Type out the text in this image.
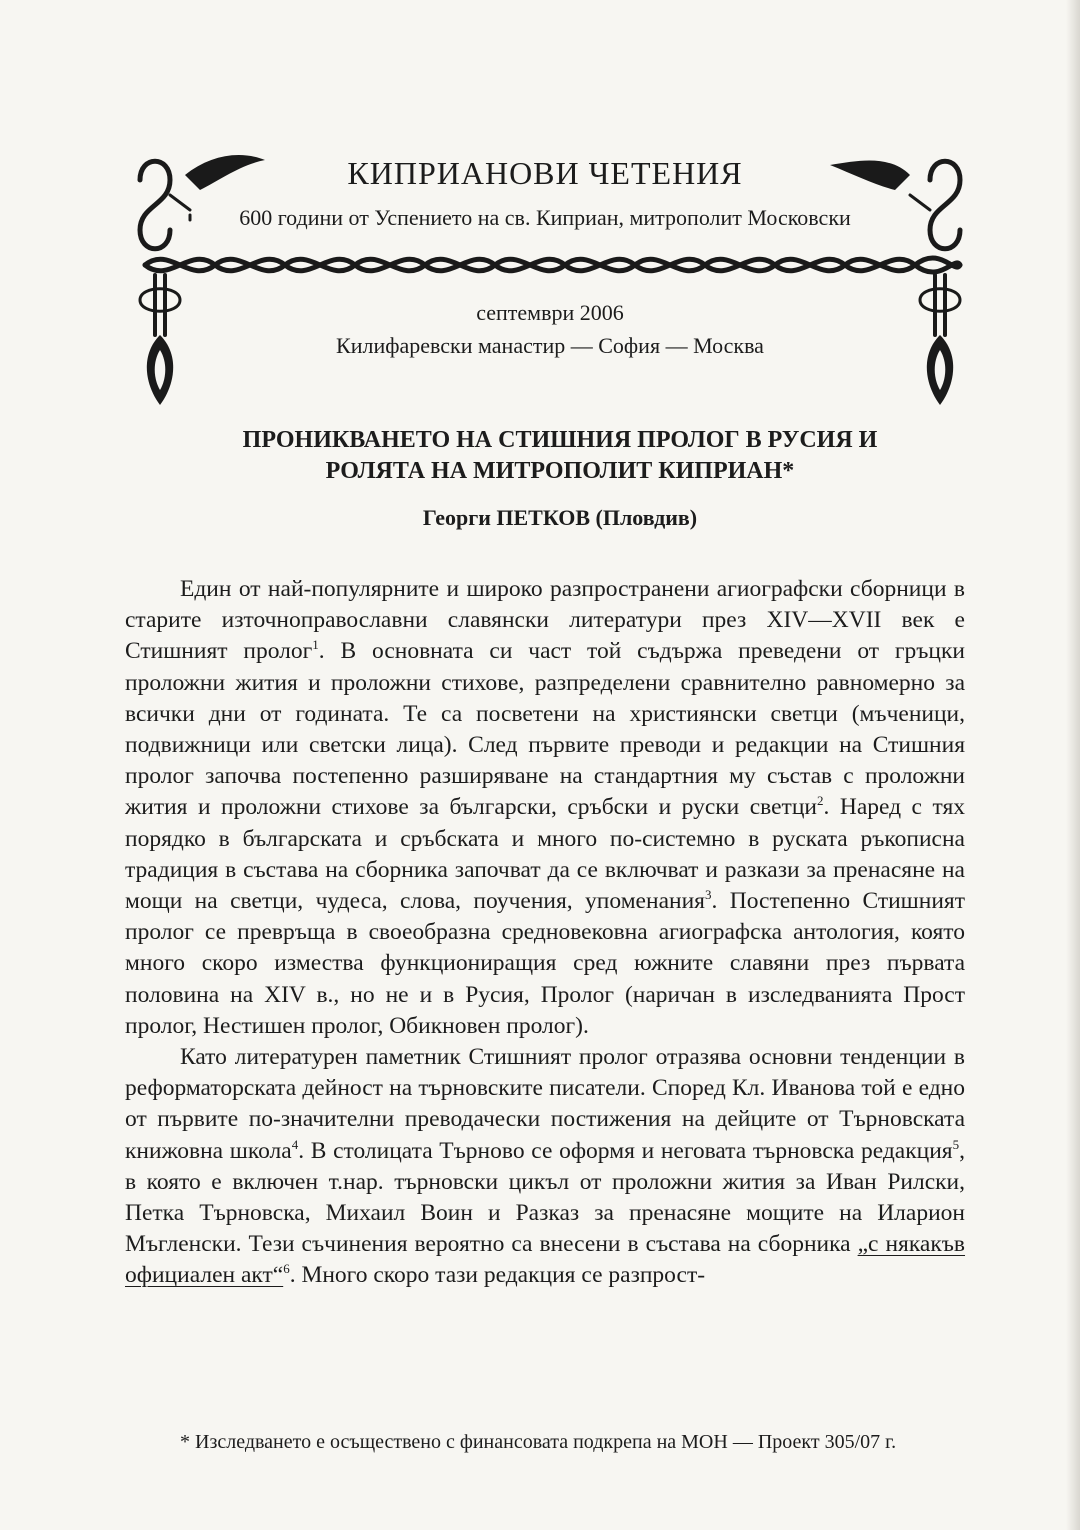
КИПРИАНОВИ ЧЕТЕНИЯ
600 години от Успението на св. Киприан, митрополит Московски
септември 2006
Килифаревски манастир — София — Москва
ПРОНИКВАНЕТО НА СТИШНИЯ ПРОЛОГ В РУСИЯ И
РОЛЯТА НА МИТРОПОЛИТ КИПРИАН*
Георги ПЕТКОВ (Пловдив)

Един от най-популярните и широко разпространени агиографски сборници в старите източноправославни славянски литератури през XIV—XVII век е Стишният пролог$^1$. В основната си част той съдържа преведени от гръцки проложни жития и проложни стихове, разпределени сравнително равномерно за всички дни от годината. Те са посветени на християнски светци (мъченици, подвижници или светски лица). След първите преводи и редакции на Стишния пролог започва постепенно разширяване на стандартния му състав с проложни жития и проложни стихове за български, сръбски и руски светци$^2$. Наред с тях порядко в българската и сръбската и много по-системно в руската ръкописна традиция в състава на сборника започват да се включват и разкази за пренасяне на мощи на светци, чудеса, слова, поучения, упоменания$^3$. Постепенно Стишният пролог се превръща в своеобразна средновековна агиографска антология, която много скоро измества функциониращия сред южните славяни през първата половина на XIV в., но не и в Русия, Пролог (наричан в изследванията Прост пролог, Нестишен пролог, Обикновен пролог).

Като литературен паметник Стишният пролог отразява основни тенденции в реформаторската дейност на търновските писатели. Според Кл. Иванова той е едно от първите по-значителни преводачески постижения на дейците от Търновската книжовна школа$^4$. В столицата Търново се оформя и неговата търновска редакция$^5$, в която е включен т.нар. търновски цикъл от проложни жития за Иван Рилски, Петка Търновска, Михаил Воин и Разказ за пренасяне мощите на Иларион Мъгленски. Тези съчинения вероятно са внесени в състава на сборника „с някакъв официален акт“$^6$. Много скоро тази редакция се разпрост-

* Изследването е осъществено с финансовата подкрепа на МОН — Проект 305/07 г.
